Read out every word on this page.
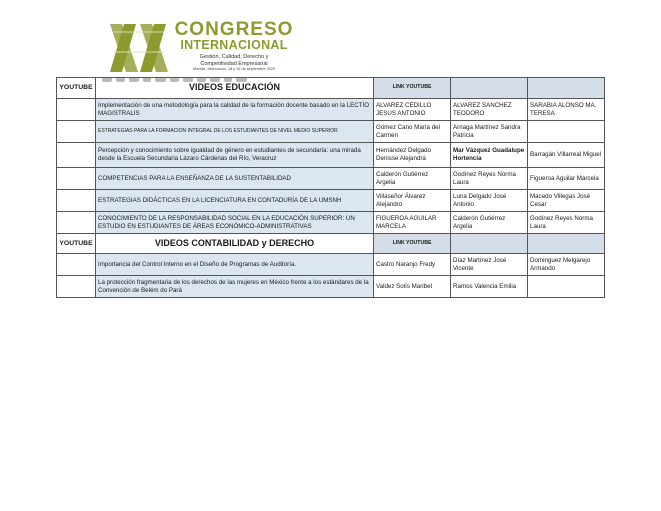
CONGRESO
INTERNACIONAL
Gestión, Calidad, Derecho y
Competitividad Empresarial
Morelia, Michoacán. 18 y 19 de septiembre 2020
YOUTUBE	VIDEOS EDUCACIÓN	LINK YOUTUBE		
	Implementación de una metodología para la calidad de la formación docente basado en la LECTIO MAGISTRALIS	ALVAREZ CEDILLO JESUS ANTONIO	ALVAREZ SANCHEZ TEODORO	SARABIA ALONSO MA. TERESA
	ESTRATEGIAS PARA LA FORMACION INTEGRAL DE LOS ESTUDIANTES DE NIVEL MEDIO SUPERIOR	Gómez Cano María del Carmen	Arriaga Martínez Sandra Patricia	
	Percepción y conocimiento sobre igualdad de género en estudiantes de secundaria: una mirada desde la Escuela Secundaria Lázaro Cárdenas del Río, Veracruz	Hernández Delgado Denisse Alejandra	Mar Vázquez Guadalupe Hortencia	Barragán Villarreal Miguel
	COMPETENCIAS PARA LA ENSEÑANZA DE LA SUSTENTABILIDAD	Calderón Gutiérrez Argelia	Godínez Reyes Norma Laura	Figueroa Aguilar Marcela
	ESTRATEGIAS DIDÁCTICAS EN LA LICENCIATURA EN CONTADURÍA DE LA UMSNH	Villaseñor Álvarez Alejandro	Luna Delgado José Antonio	Macedo Villegas José Cesar
	CONOCIMIENTO DE LA RESPONSABILIDAD SOCIAL EN LA EDUCACIÓN SUPERIOR: UN ESTUDIO EN ESTUDIANTES DE ÁREAS ECONÓMICO-ADMINISTRATIVAS	FIGUEROA AGUILAR MARCELA	Calderón Gutiérrez Argelia	Godínez Reyes Norma Laura
YOUTUBE	VIDEOS CONTABILIDAD y DERECHO	LINK YOUTUBE		
	Importancia del Control Interno en el Diseño de Programas de Auditoría.	Castro Naranjo Fredy	Díaz Martínez José Vicente	Dominguez Melgarejo Armando
	La protección fragmentaria de los derechos de las mujeres en México frente a los estándares de la Convención de Belém do Pará	Valdez Solís Maribel	Ramos Valencia Emilia	
